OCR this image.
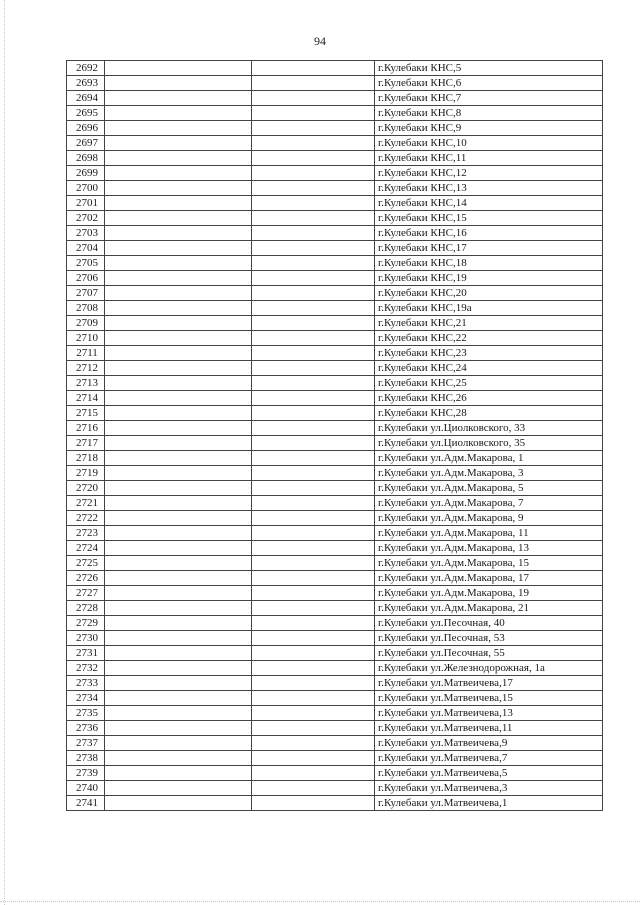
94
2692			г.Кулебаки КНС,5
2693			г.Кулебаки КНС,6
2694			г.Кулебаки КНС,7
2695			г.Кулебаки КНС,8
2696			г.Кулебаки КНС,9
2697			г.Кулебаки КНС,10
2698			г.Кулебаки КНС,11
2699			г.Кулебаки КНС,12
2700			г.Кулебаки КНС,13
2701			г.Кулебаки КНС,14
2702			г.Кулебаки КНС,15
2703			г.Кулебаки КНС,16
2704			г.Кулебаки КНС,17
2705			г.Кулебаки КНС,18
2706			г.Кулебаки КНС,19
2707			г.Кулебаки КНС,20
2708			г.Кулебаки КНС,19а
2709			г.Кулебаки КНС,21
2710			г.Кулебаки КНС,22
2711			г.Кулебаки КНС,23
2712			г.Кулебаки КНС,24
2713			г.Кулебаки КНС,25
2714			г.Кулебаки КНС,26
2715			г.Кулебаки КНС,28
2716			г.Кулебаки ул.Циолковского, 33
2717			г.Кулебаки ул.Циолковского, 35
2718			г.Кулебаки ул.Адм.Макарова, 1
2719			г.Кулебаки ул.Адм.Макарова, 3
2720			г.Кулебаки ул.Адм.Макарова, 5
2721			г.Кулебаки ул.Адм.Макарова, 7
2722			г.Кулебаки ул.Адм.Макарова, 9
2723			г.Кулебаки ул.Адм.Макарова, 11
2724			г.Кулебаки ул.Адм.Макарова, 13
2725			г.Кулебаки ул.Адм.Макарова, 15
2726			г.Кулебаки ул.Адм.Макарова, 17
2727			г.Кулебаки ул.Адм.Макарова, 19
2728			г.Кулебаки ул.Адм.Макарова, 21
2729			г.Кулебаки ул.Песочная, 40
2730			г.Кулебаки ул.Песочная, 53
2731			г.Кулебаки ул.Песочная, 55
2732			г.Кулебаки ул.Железнодорожная, 1а
2733			г.Кулебаки ул.Матвеичева,17
2734			г.Кулебаки ул.Матвеичева,15
2735			г.Кулебаки ул.Матвеичева,13
2736			г.Кулебаки ул.Матвеичева,11
2737			г.Кулебаки ул.Матвеичева,9
2738			г.Кулебаки ул.Матвеичева,7
2739			г.Кулебаки ул.Матвеичева,5
2740			г.Кулебаки ул.Матвеичева,3
2741			г.Кулебаки ул.Матвеичева,1
